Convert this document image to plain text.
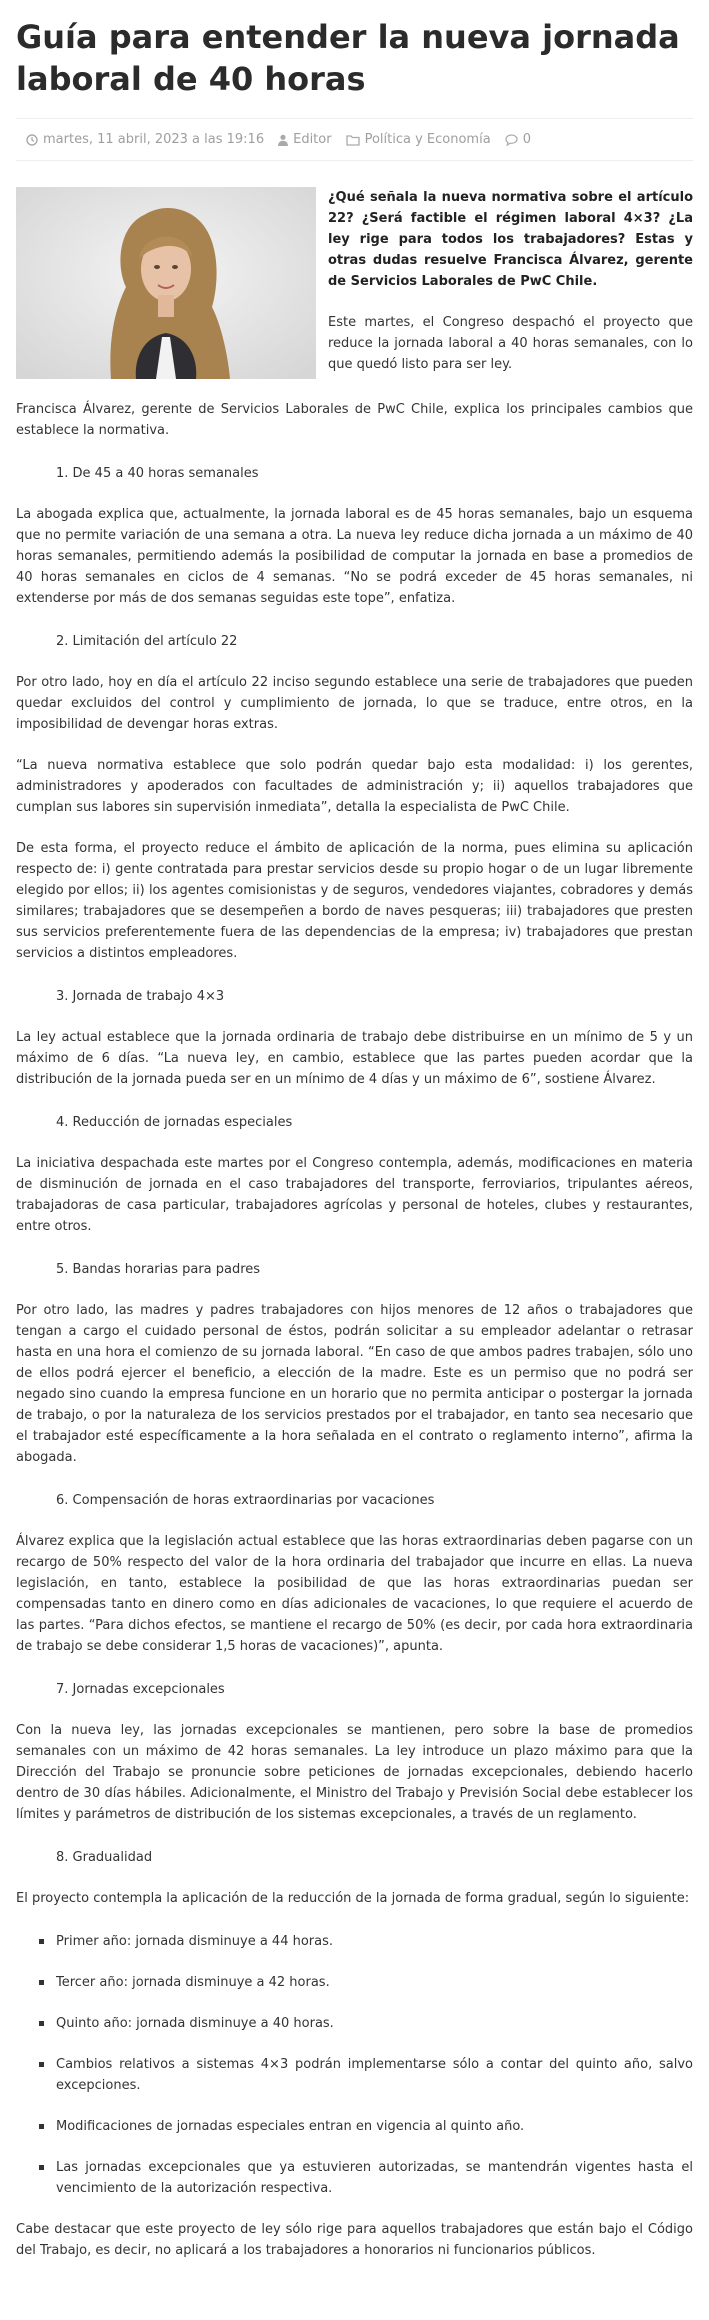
Guía para entender la nueva jornada laboral de 40 horas
martes, 11 abril, 2023 a las 19:16 Editor	Política y Economía 0

¿Qué señala la nueva normativa sobre el artículo 22? ¿Será factible el régimen laboral 4×3? ¿La ley rige para todos los trabajadores? Estas y otras dudas resuelve Francisca Álvarez, gerente de Servicios Laborales de PwC Chile.

Este martes, el Congreso despachó el proyecto que reduce la jornada laboral a 40 horas semanales, con lo que quedó listo para ser ley.

Francisca Álvarez, gerente de Servicios Laborales de PwC Chile, explica los principales cambios que establece la normativa.

1. De 45 a 40 horas semanales

La abogada explica que, actualmente, la jornada laboral es de 45 horas semanales, bajo un esquema que no permite variación de una semana a otra. La nueva ley reduce dicha jornada a un máximo de 40 horas semanales, permitiendo además la posibilidad de computar la jornada en base a promedios de 40 horas semanales en ciclos de 4 semanas. “No se podrá exceder de 45 horas semanales, ni extenderse por más de dos semanas seguidas este tope”, enfatiza.

2. Limitación del artículo 22

Por otro lado, hoy en día el artículo 22 inciso segundo establece una serie de trabajadores que pueden quedar excluidos del control y cumplimiento de jornada, lo que se traduce, entre otros, en la imposibilidad de devengar horas extras.

“La nueva normativa establece que solo podrán quedar bajo esta modalidad: i) los gerentes, administradores y apoderados con facultades de administración y; ii) aquellos trabajadores que cumplan sus labores sin supervisión inmediata”, detalla la especialista de PwC Chile.

De esta forma, el proyecto reduce el ámbito de aplicación de la norma, pues elimina su aplicación respecto de: i) gente contratada para prestar servicios desde su propio hogar o de un lugar libremente elegido por ellos; ii) los agentes comisionistas y de seguros, vendedores viajantes, cobradores y demás similares; trabajadores que se desempeñen a bordo de naves pesqueras; iii) trabajadores que presten sus servicios preferentemente fuera de las dependencias de la empresa; iv) trabajadores que prestan servicios a distintos empleadores.

3. Jornada de trabajo 4×3

La ley actual establece que la jornada ordinaria de trabajo debe distribuirse en un mínimo de 5 y un máximo de 6 días. “La nueva ley, en cambio, establece que las partes pueden acordar que la distribución de la jornada pueda ser en un mínimo de 4 días y un máximo de 6”, sostiene Álvarez.

4. Reducción de jornadas especiales

La iniciativa despachada este martes por el Congreso contempla, además, modificaciones en materia de disminución de jornada en el caso trabajadores del transporte, ferroviarios, tripulantes aéreos, trabajadoras de casa particular, trabajadores agrícolas y personal de hoteles, clubes y restaurantes, entre otros.

5. Bandas horarias para padres

Por otro lado, las madres y padres trabajadores con hijos menores de 12 años o trabajadores que tengan a cargo el cuidado personal de éstos, podrán solicitar a su empleador adelantar o retrasar hasta en una hora el comienzo de su jornada laboral. “En caso de que ambos padres trabajen, sólo uno de ellos podrá ejercer el beneficio, a elección de la madre. Este es un permiso que no podrá ser negado sino cuando la empresa funcione en un horario que no permita anticipar o postergar la jornada de trabajo, o por la naturaleza de los servicios prestados por el trabajador, en tanto sea necesario que el trabajador esté específicamente a la hora señalada en el contrato o reglamento interno”, afirma la abogada.

6. Compensación de horas extraordinarias por vacaciones

Álvarez explica que la legislación actual establece que las horas extraordinarias deben pagarse con un recargo de 50% respecto del valor de la hora ordinaria del trabajador que incurre en ellas. La nueva legislación, en tanto, establece la posibilidad de que las horas extraordinarias puedan ser compensadas tanto en dinero como en días adicionales de vacaciones, lo que requiere el acuerdo de las partes. “Para dichos efectos, se mantiene el recargo de 50% (es decir, por cada hora extraordinaria de trabajo se debe considerar 1,5 horas de vacaciones)”, apunta.

7. Jornadas excepcionales

Con la nueva ley, las jornadas excepcionales se mantienen, pero sobre la base de promedios semanales con un máximo de 42 horas semanales. La ley introduce un plazo máximo para que la Dirección del Trabajo se pronuncie sobre peticiones de jornadas excepcionales, debiendo hacerlo dentro de 30 días hábiles. Adicionalmente, el Ministro del Trabajo y Previsión Social debe establecer los límites y parámetros de distribución de los sistemas excepcionales, a través de un reglamento.

8. Gradualidad

El proyecto contempla la aplicación de la reducción de la jornada de forma gradual, según lo siguiente:

Primer año: jornada disminuye a 44 horas.
Tercer año: jornada disminuye a 42 horas.
Quinto año: jornada disminuye a 40 horas.
Cambios relativos a sistemas 4×3 podrán implementarse sólo a contar del quinto año, salvo excepciones.
Modificaciones de jornadas especiales entran en vigencia al quinto año.
Las jornadas excepcionales que ya estuvieren autorizadas, se mantendrán vigentes hasta el vencimiento de la autorización respectiva.

Cabe destacar que este proyecto de ley sólo rige para aquellos trabajadores que están bajo el Código del Trabajo, es decir, no aplicará a los trabajadores a honorarios ni funcionarios públicos.
